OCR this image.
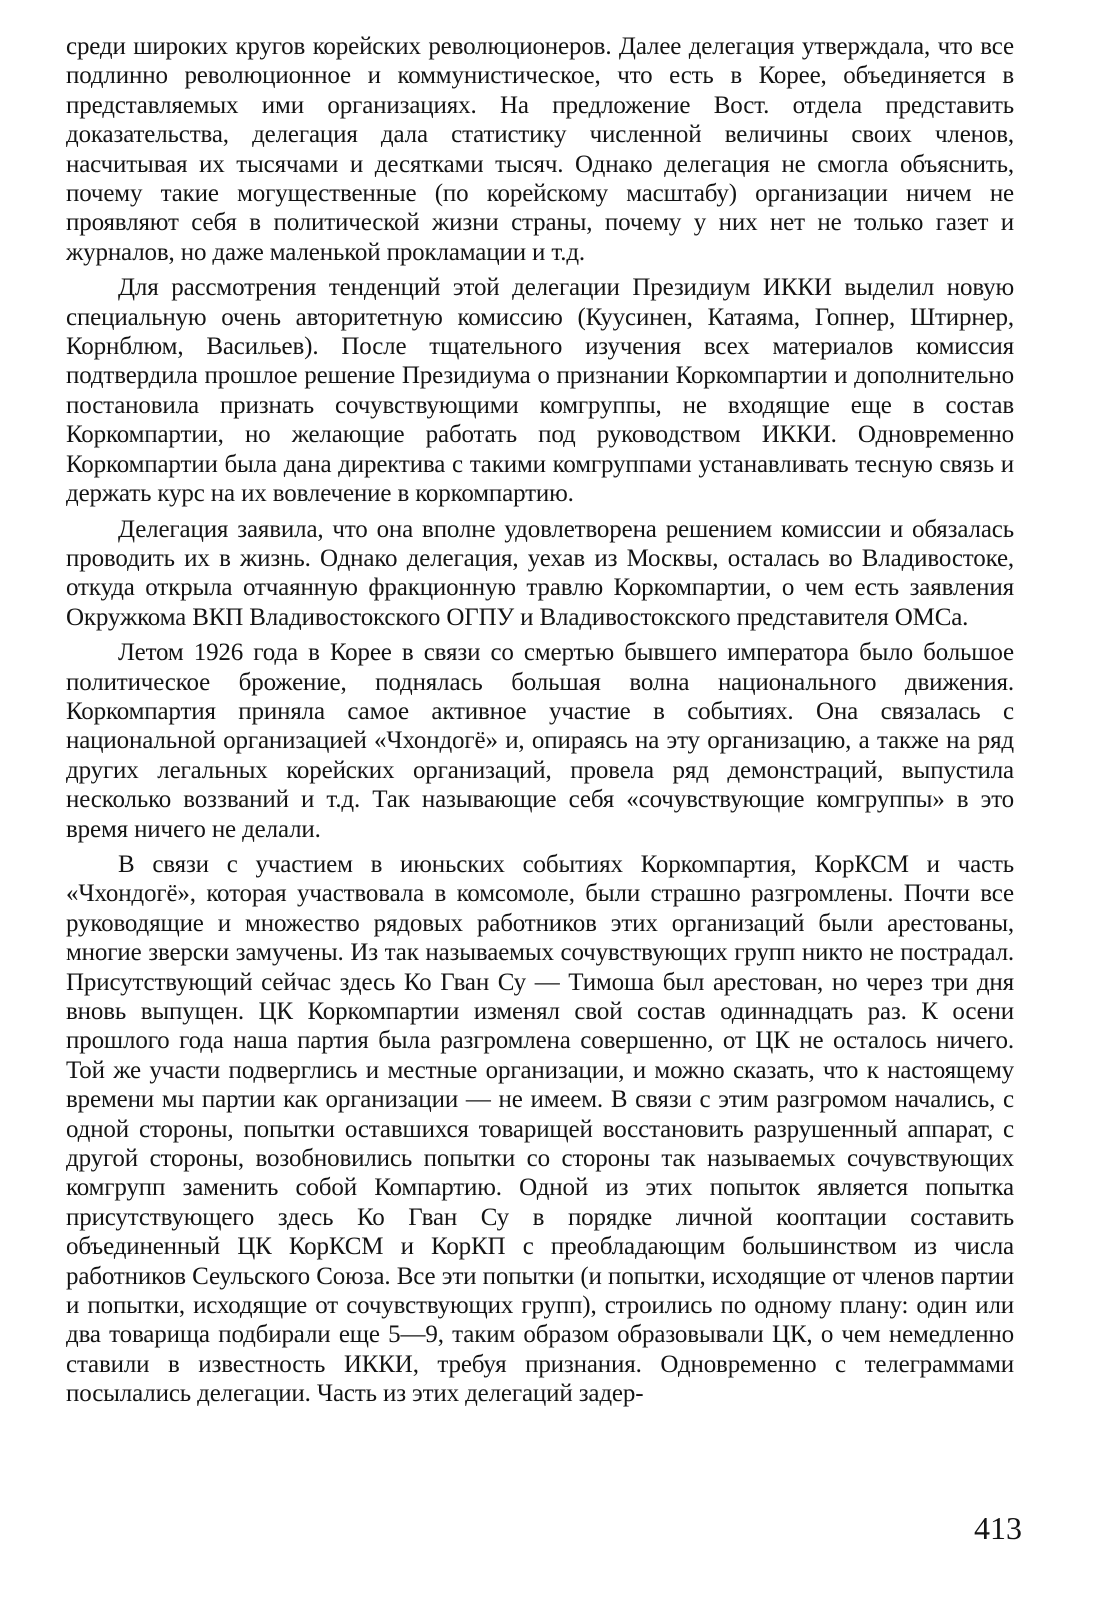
среди широких кругов корейских революционеров. Далее делегация утверждала, что все подлинно революционное и коммунистическое, что есть в Корее, объединяется в представляемых ими организациях. На предложение Вост. отдела представить доказательства, делегация дала статистику численной величины своих членов, насчитывая их тысячами и десятками тысяч. Однако делегация не смогла объяснить, почему такие могущественные (по корейскому масштабу) организации ничем не проявляют себя в политической жизни страны, почему у них нет не только газет и журналов, но даже маленькой прокламации и т.д.

Для рассмотрения тенденций этой делегации Президиум ИККИ выделил новую специальную очень авторитетную комиссию (Куусинен, Катаяма, Гопнер, Штирнер, Корнблюм, Васильев). После тщательного изучения всех материалов комиссия подтвердила прошлое решение Президиума о признании Коркомпартии и дополнительно постановила признать сочувствующими комгруппы, не входящие еще в состав Коркомпартии, но желающие работать под руководством ИККИ. Одновременно Коркомпартии была дана директива с такими комгруппами устанавливать тесную связь и держать курс на их вовлечение в коркомпартию.

Делегация заявила, что она вполне удовлетворена решением комиссии и обязалась проводить их в жизнь. Однако делегация, уехав из Москвы, осталась во Владивостоке, откуда открыла отчаянную фракционную травлю Коркомпартии, о чем есть заявления Окружкома ВКП Владивостокского ОГПУ и Владивостокского представителя ОМСа.

Летом 1926 года в Корее в связи со смертью бывшего императора было большое политическое брожение, поднялась большая волна национального движения. Коркомпартия приняла самое активное участие в событиях. Она связалась с национальной организацией «Чхондогё» и, опираясь на эту организацию, а также на ряд других легальных корейских организаций, провела ряд демонстраций, выпустила несколько воззваний и т.д. Так называющие себя «сочувствующие комгруппы» в это время ничего не делали.

В связи с участием в июньских событиях Коркомпартия, КорКСМ и часть «Чхондогё», которая участвовала в комсомоле, были страшно разгромлены. Почти все руководящие и множество рядовых работников этих организаций были арестованы, многие зверски замучены. Из так называемых сочувствующих групп никто не пострадал. Присутствующий сейчас здесь Ко Гван Су — Тимоша был арестован, но через три дня вновь выпущен. ЦК Коркомпартии изменял свой состав одиннадцать раз. К осени прошлого года наша партия была разгромлена совершенно, от ЦК не осталось ничего. Той же участи подверглись и местные организации, и можно сказать, что к настоящему времени мы партии как организации — не имеем. В связи с этим разгромом начались, с одной стороны, попытки оставшихся товарищей восстановить разрушенный аппарат, с другой стороны, возобновились попытки со стороны так называемых сочувствующих комгрупп заменить собой Компартию. Одной из этих попыток является попытка присутствующего здесь Ко Гван Су в порядке личной кооптации составить объединенный ЦК КорКСМ и КорКП с преобладающим большинством из числа работников Сеульского Союза. Все эти попытки (и попытки, исходящие от членов партии и попытки, исходящие от сочувствующих групп), строились по одному плану: один или два товарища подбирали еще 5—9, таким образом образовывали ЦК, о чем немедленно ставили в известность ИККИ, требуя признания. Одновременно с телеграммами посылались делегации. Часть из этих делегаций задер-

413
